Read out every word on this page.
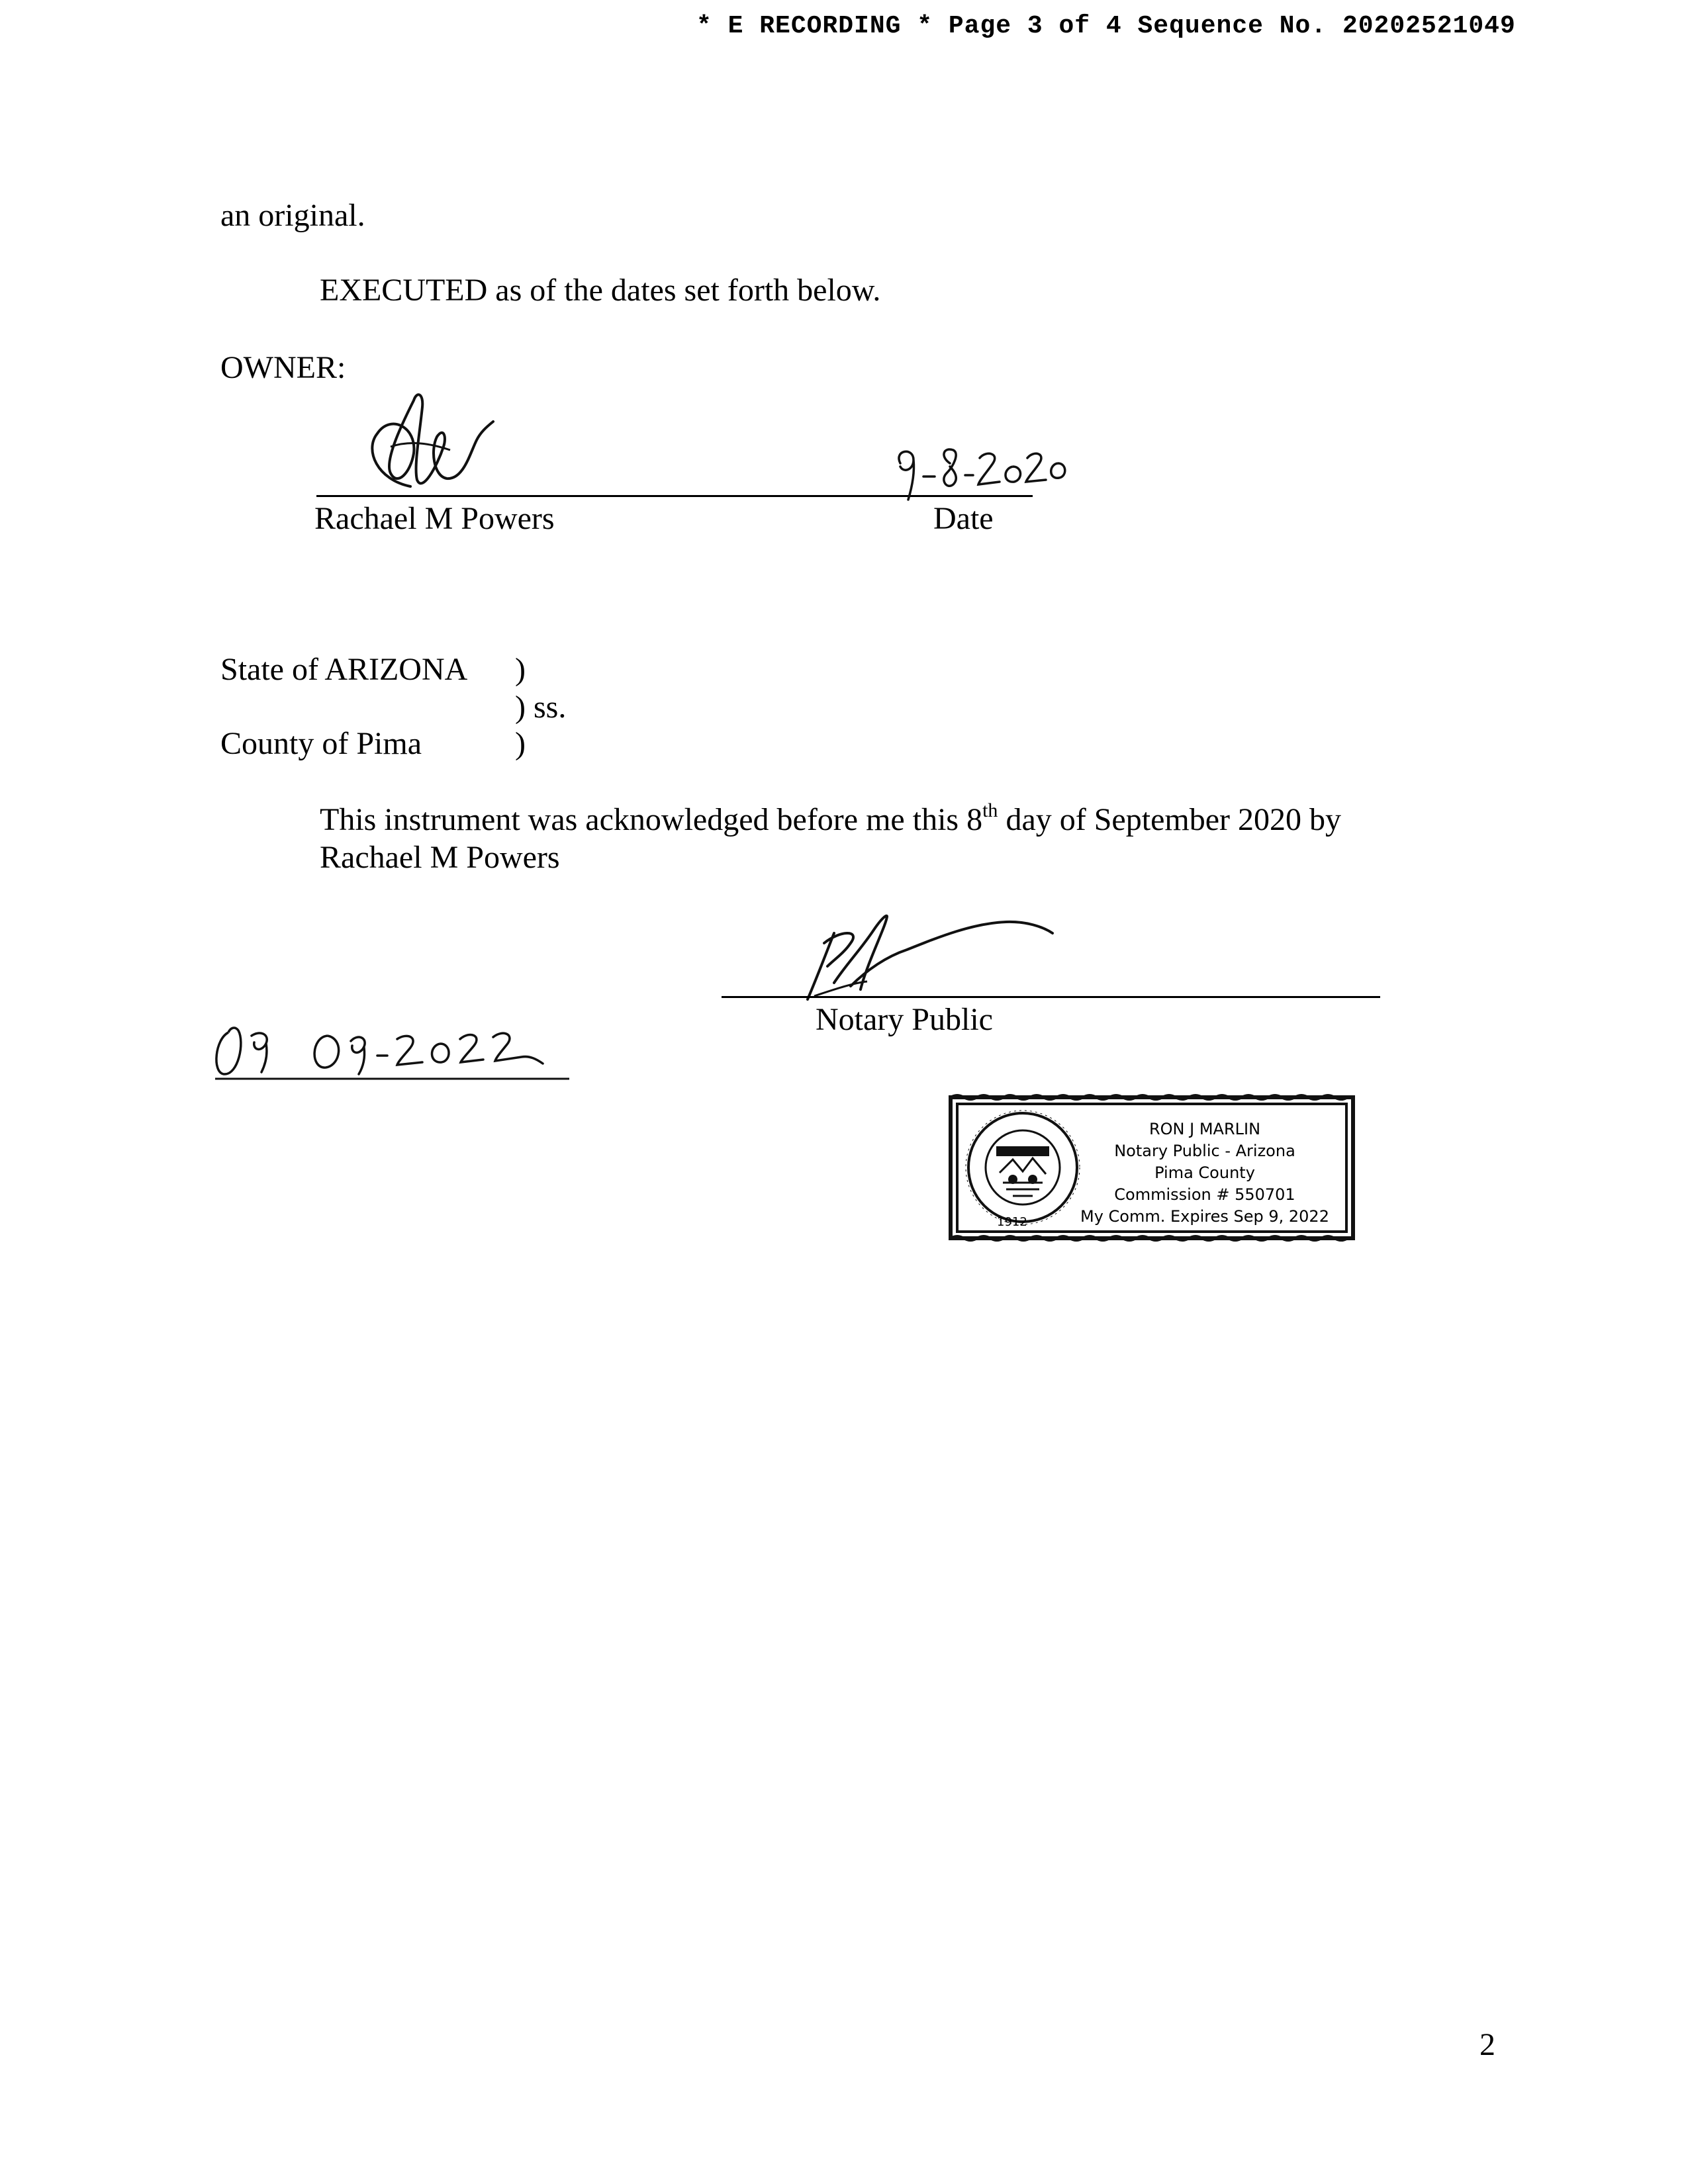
* E RECORDING * Page 3 of 4 Sequence No. 20202521049
an original.
EXECUTED as of the dates set forth below.
OWNER:
Rachael M Powers	Date
State of ARIZONA )
) ss.
County of Pima	)
This instrument was acknowledged before me this 8th day of September 2020 by
Rachael M Powers
Notary Public
1912
RON J MARLIN
Notary Public - Arizona
Pima County
Commission # 550701
My Comm. Expires Sep 9, 2022
2
